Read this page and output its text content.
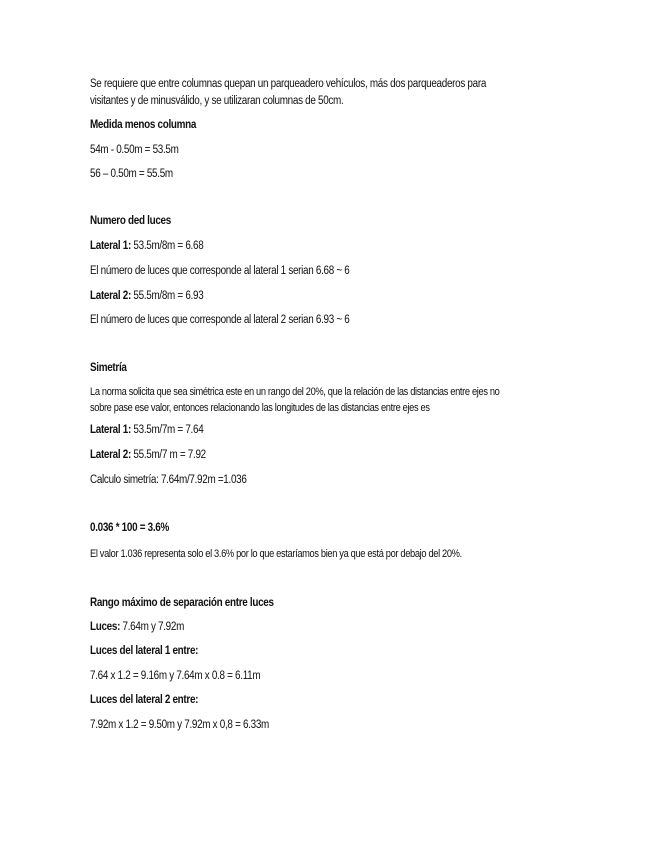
Se requiere que entre columnas quepan un parqueadero vehículos, más dos parqueaderos para
visitantes y de minusválido, y se utilizaran columnas de 50cm.
Medida menos columna
54m - 0.50m = 53.5m
56 – 0.50m = 55.5m
Numero ded luces
Lateral 1: 53.5m/8m = 6.68
El número de luces que corresponde al lateral 1 serian 6.68 ~ 6
Lateral 2: 55.5m/8m = 6.93
El número de luces que corresponde al lateral 2 serian 6.93 ~ 6
Simetría
La norma solicita que sea simétrica este en un rango del 20%, que la relación de las distancias entre ejes no
sobre pase ese valor, entonces relacionando las longitudes de las distancias entre ejes es
Lateral 1: 53.5m/7m = 7.64
Lateral 2: 55.5m/7 m = 7.92
Calculo simetría: 7.64m/7.92m =1.036
0.036 * 100 = 3.6%
El valor 1.036 representa solo el 3.6% por lo que estaríamos bien ya que está por debajo del 20%.
Rango máximo de separación entre luces
Luces: 7.64m y 7.92m
Luces del lateral 1 entre:
7.64 x 1.2 = 9.16m y 7.64m x 0.8 = 6.11m
Luces del lateral 2 entre:
7.92m x 1.2 = 9.50m y 7.92m x 0,8 = 6.33m
